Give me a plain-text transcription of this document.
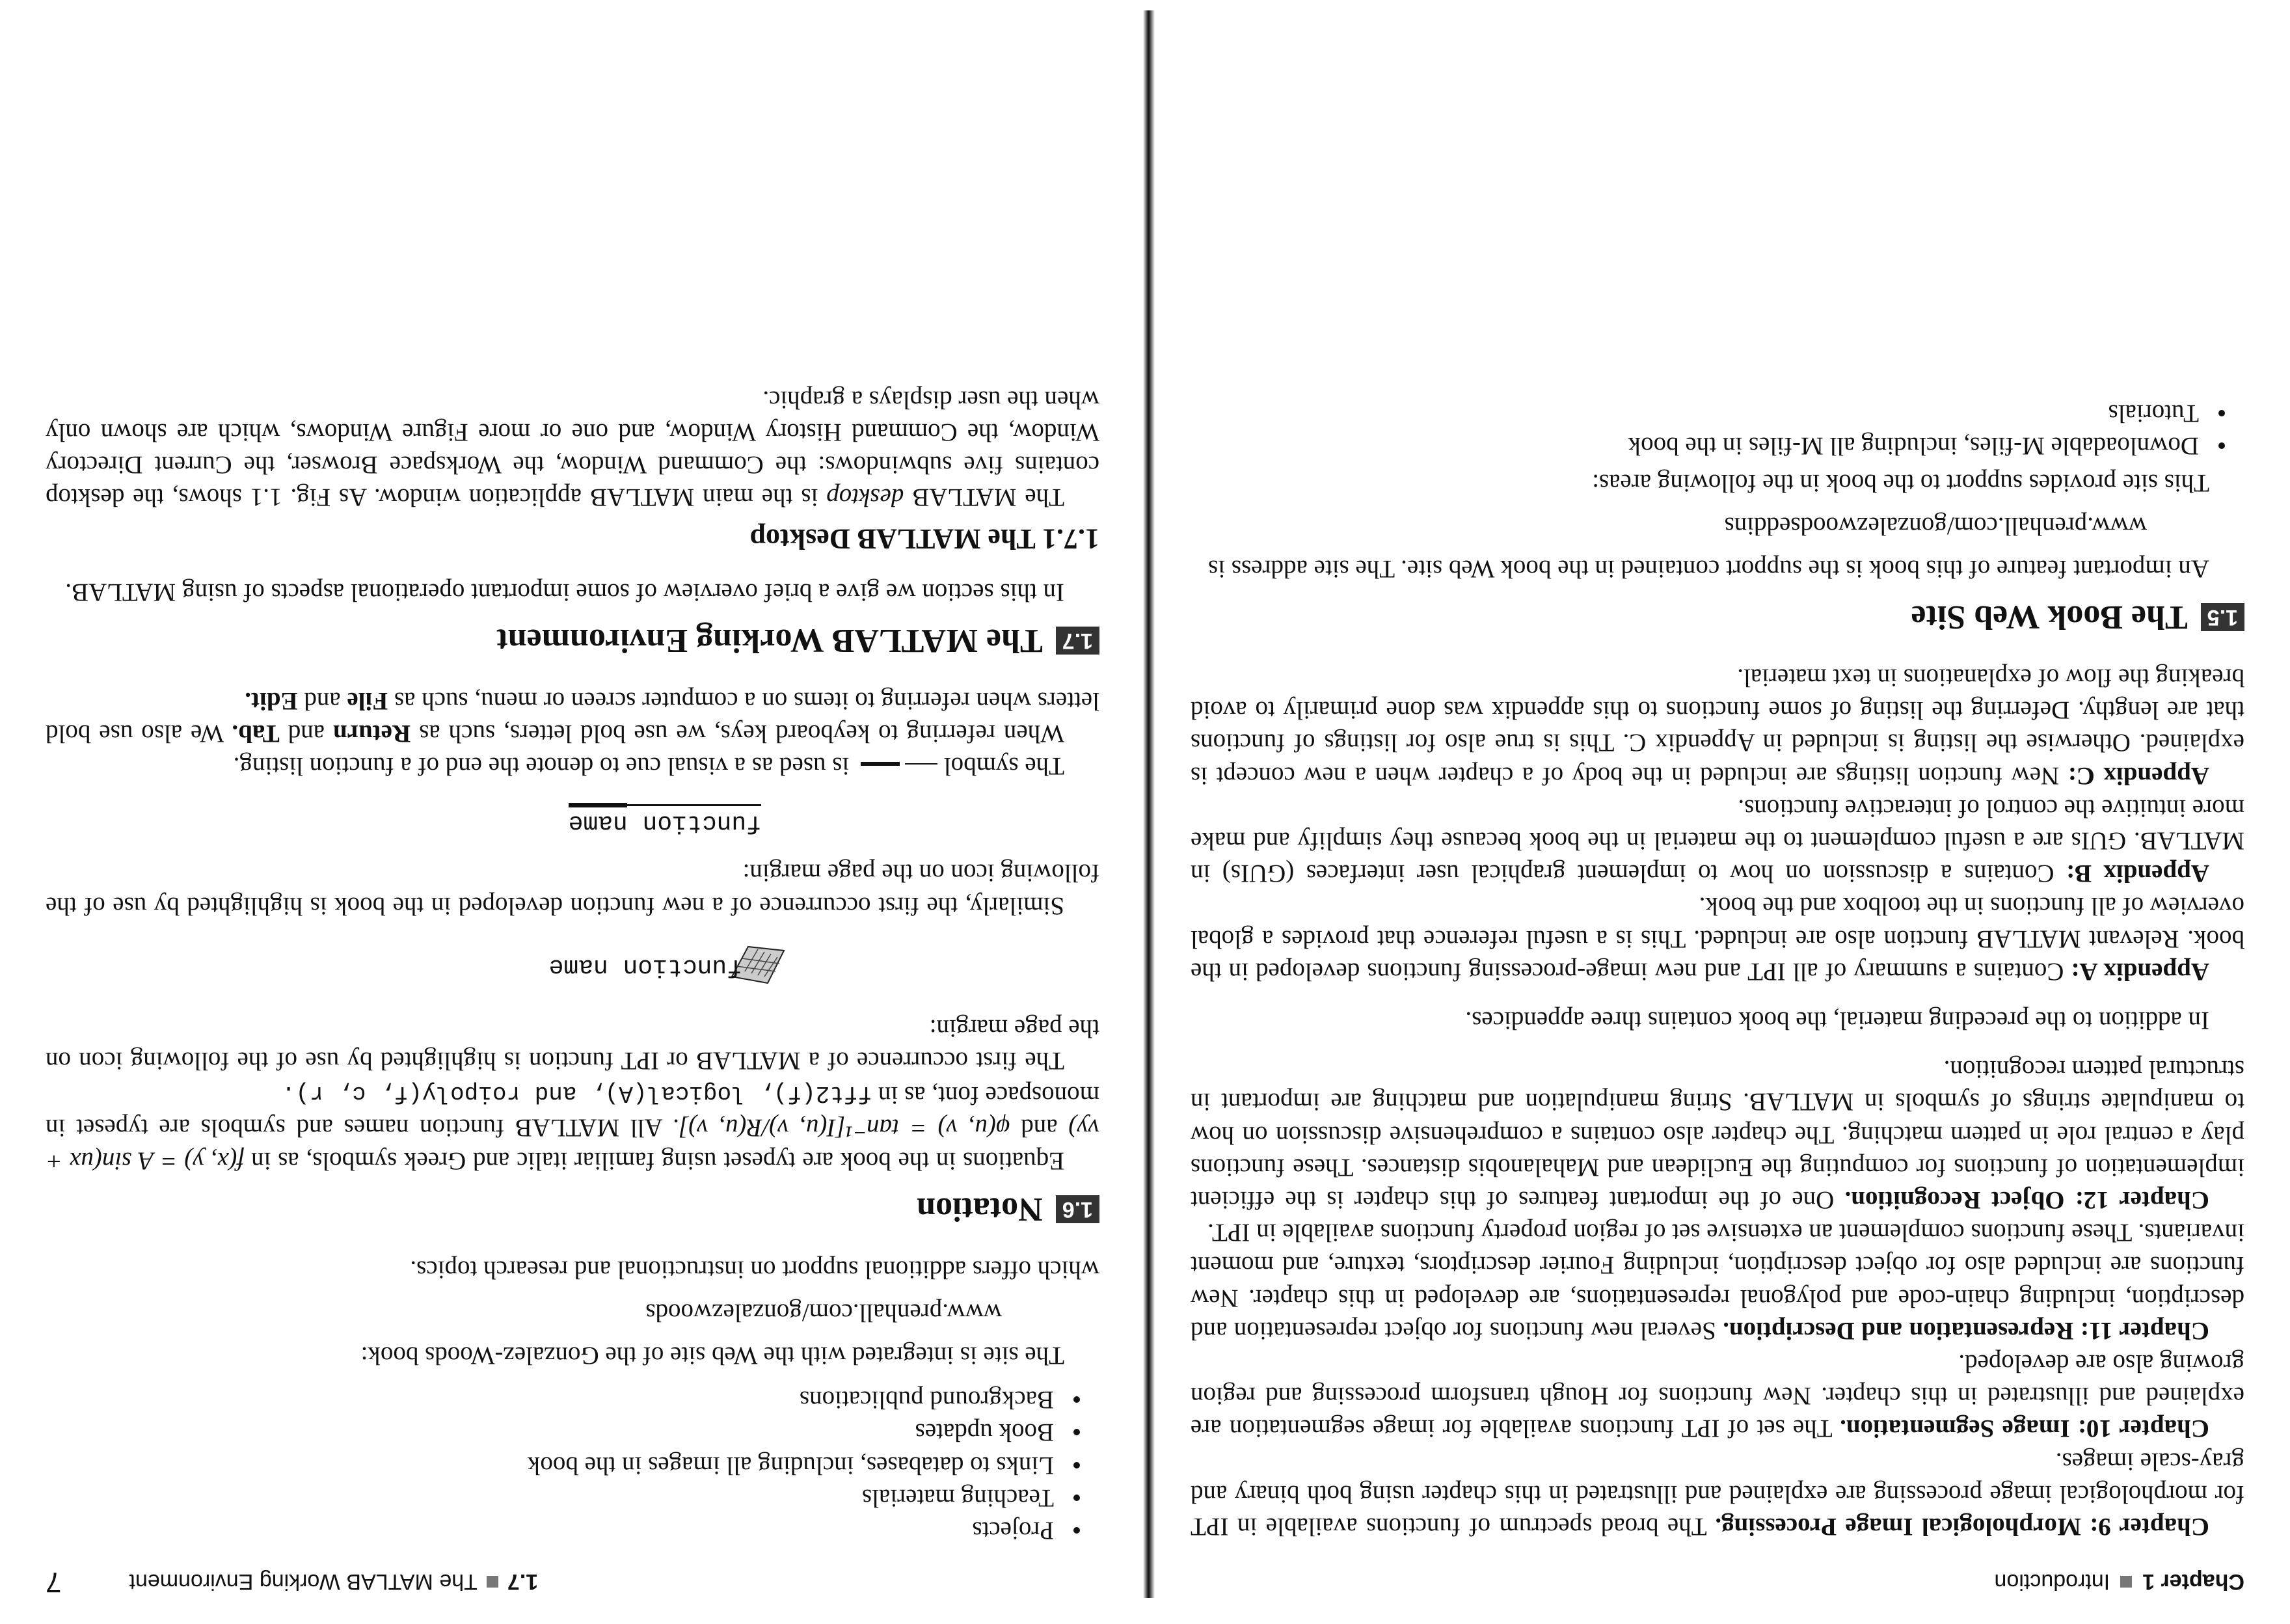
Chapter 1
Introduction

Chapter 9: Morphological Image Processing. The broad spectrum of functions available in IPT for morphological image processing are explained and illustrated in this chapter using both binary and gray-scale images.

Chapter 10: Image Segmentation. The set of IPT functions available for image segmentation are explained and illustrated in this chapter. New functions for Hough transform processing and region growing also are developed.

Chapter 11: Representation and Description. Several new functions for object representation and description, including chain-code and polygonal representations, are developed in this chapter. New functions are included also for object description, including Fourier descriptors, texture, and moment invariants. These functions complement an extensive set of region property functions available in IPT.

Chapter 12: Object Recognition. One of the important features of this chapter is the efficient implementation of functions for computing the Euclidean and Mahalanobis distances. These functions play a central role in pattern matching. The chapter also contains a comprehensive discussion on how to manipulate strings of symbols in MATLAB. String manipulation and matching are important in structural pattern recognition.

In addition to the preceding material, the book contains three appendices.

Appendix A: Contains a summary of all IPT and new image-processing functions developed in the book. Relevant MATLAB function also are included. This is a useful reference that provides a global overview of all functions in the toolbox and the book.

Appendix B: Contains a discussion on how to implement graphical user interfaces (GUIs) in MATLAB. GUIs are a useful complement to the material in the book because they simplify and make more intuitive the control of interactive functions.

Appendix C: New function listings are included in the body of a chapter when a new concept is explained. Otherwise the listing is included in Appendix C. This is true also for listings of functions that are lengthy. Deferring the listing of some functions to this appendix was done primarily to avoid breaking the flow of explanations in text material.

1.5
The Book Web Site

An important feature of this book is the support contained in the book Web site. The site address is

www.prenhall.com/gonzalezwoodseddins

This site provides support to the book in the following areas:

Downloadable M-files, including all M-files in the book
Tutorials
1.7
The MATLAB Working Environment
7
Projects
Teaching materials
Links to databases, including all images in the book
Book updates
Background publications

The site is integrated with the Web site of the Gonzalez-Woods book:

www.prenhall.com/gonzalezwoods

which offers additional support on instructional and research topics.

1.6
Notation

Equations in the book are typeset using familiar italic and Greek symbols, as in f(x, y) = A sin(ux + vy) and φ(u, v) = tan⁻¹[I(u, v)/R(u, v)]. All MATLAB function names and symbols are typeset in monospace font, as in fft2(f), logical(A), and roipoly(f, c, r).

The first occurrence of a MATLAB or IPT function is highlighted by use of the following icon on the page margin:

function name

Similarly, the first occurrence of a new function developed in the book is highlighted by use of the following icon on the page margin:

function name

The symbol  is used as a visual cue to denote the end of a function listing.

When referring to keyboard keys, we use bold letters, such as Return and Tab. We also use bold letters when referring to items on a computer screen or menu, such as File and Edit.

1.7
The MATLAB Working Environment

In this section we give a brief overview of some important operational aspects of using MATLAB.

1.7.1 The MATLAB Desktop

The MATLAB desktop is the main MATLAB application window. As Fig. 1.1 shows, the desktop contains five subwindows: the Command Window, the Workspace Browser, the Current Directory Window, the Command History Window, and one or more Figure Windows, which are shown only when the user displays a graphic.
